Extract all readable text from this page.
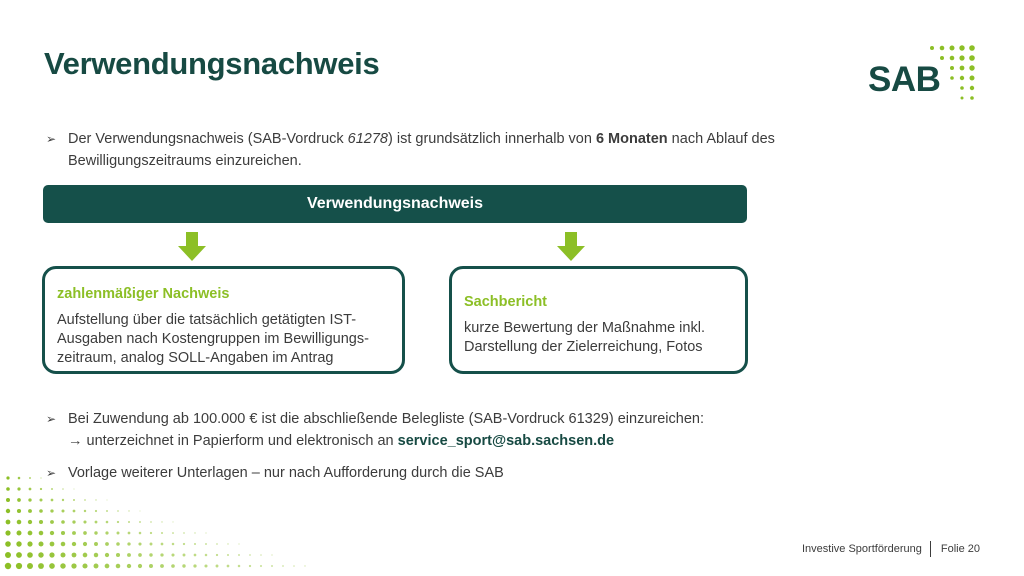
Verwendungsnachweis	SAB
➢ Der Verwendungsnachweis (SAB-Vordruck 61278) ist grundsätzlich innerhalb von 6 Monaten nach Ablauf des Bewilligungszeitraums einzureichen.
Verwendungsnachweis
zahlenmäßiger Nachweis
Aufstellung über die tatsächlich getätigten IST-Ausgaben nach Kostengruppen im Bewilligungs-zeitraum, analog SOLL-Angaben im Antrag
Sachbericht
kurze Bewertung der Maßnahme inkl. Darstellung der Zielerreichung, Fotos
➢ Bei Zuwendung ab 100.000 € ist die abschließende Belegliste (SAB-Vordruck 61329) einzureichen:
→ unterzeichnet in Papierform und elektronisch an service_sport@sab.sachsen.de
➢ Vorlage weiterer Unterlagen – nur nach Aufforderung durch die SAB
Investive Sportförderung Folie 20
